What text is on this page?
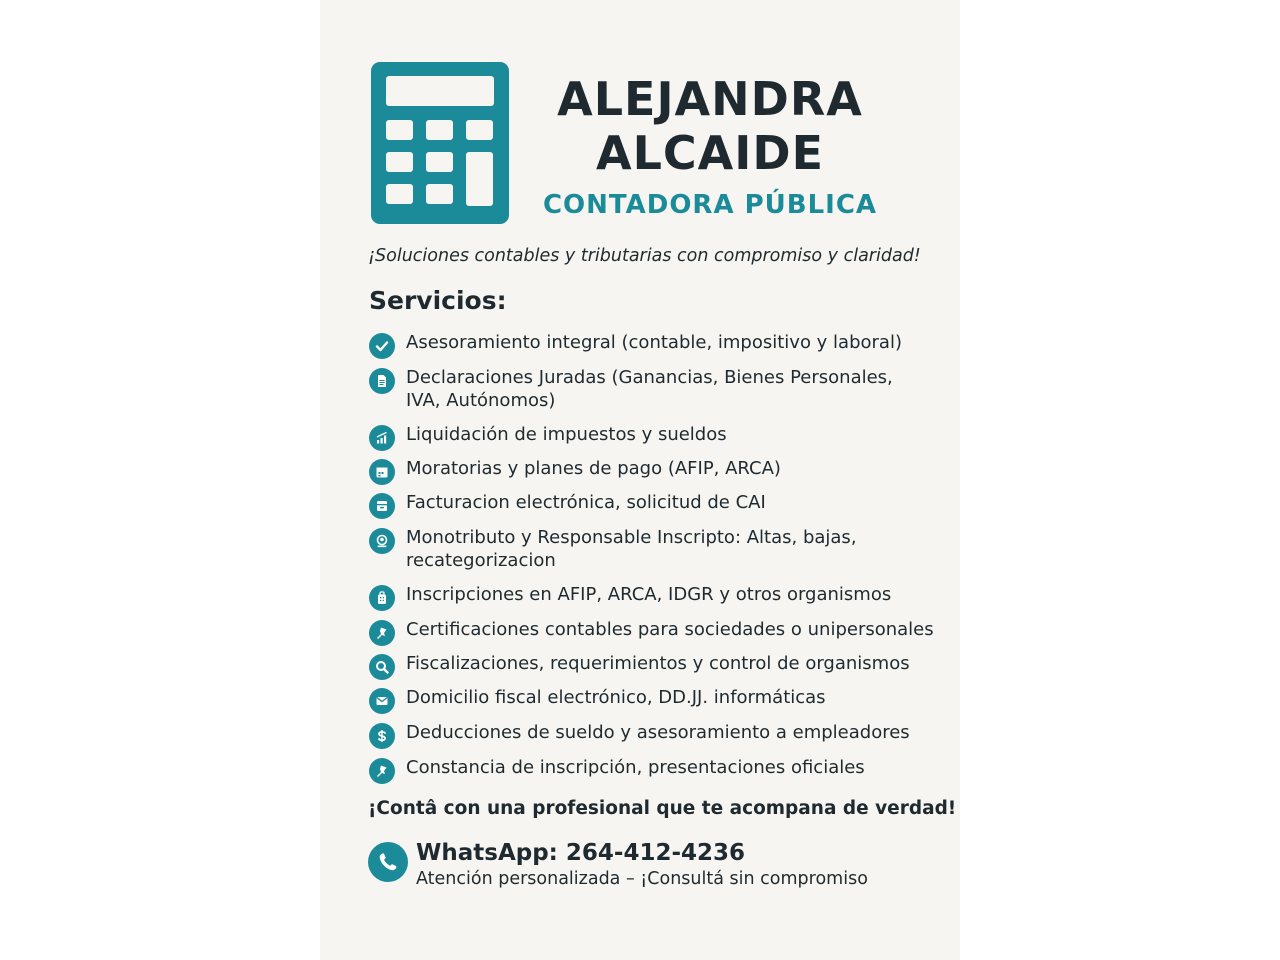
ALEJANDRA
ALCAIDE
CONTADORA PÚBLICA
¡Soluciones contables y tributarias con compromiso y claridad!
Servicios:
Asesoramiento integral (contable, impositivo y laboral)
Declaraciones Juradas (Ganancias, Bienes Personales,
IVA, Autónomos)
Liquidación de impuestos y sueldos
Moratorias y planes de pago (AFIP, ARCA)
Facturacion electrónica, solicitud de CAI
Monotributo y Responsable Inscripto: Altas, bajas,
recategorizacion
Inscripciones en AFIP, ARCA, IDGR y otros organismos
Certificaciones contables para sociedades o unipersonales
Fiscalizaciones, requerimientos y control de organismos
Domicilio fiscal electrónico, DD.JJ. informáticas
Deducciones de sueldo y asesoramiento a empleadores
Constancia de inscripción, presentaciones oficiales
¡Contâ con una profesional que te acompana de verdad!
WhatsApp: 264-412-4236
Atención personalizada – ¡Consultá sin compromiso
